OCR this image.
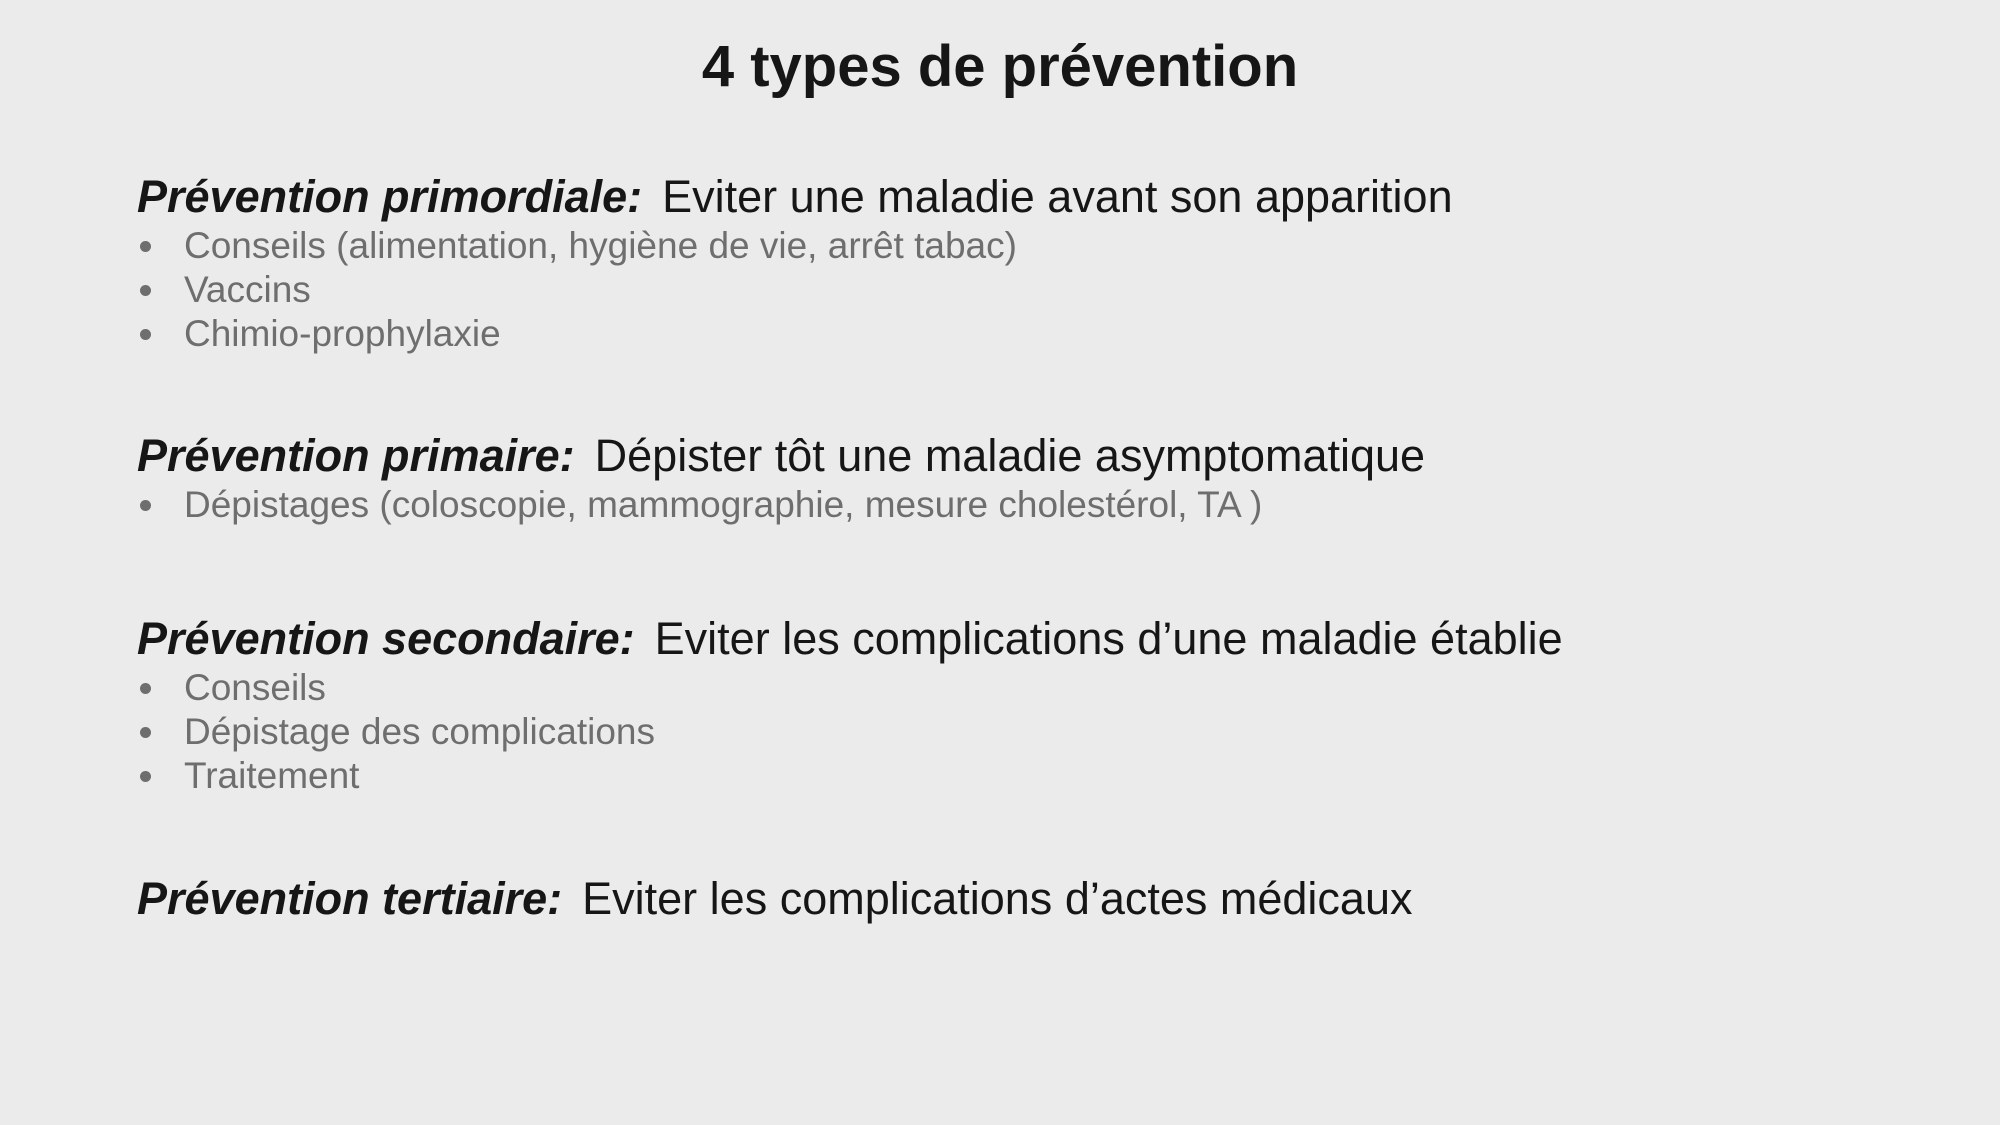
4 types de prévention
Prévention primordiale: Eviter une maladie avant son apparition
Conseils (alimentation, hygiène de vie, arrêt tabac)
Vaccins
Chimio-prophylaxie
Prévention primaire: Dépister tôt une maladie asymptomatique
Dépistages (coloscopie, mammographie, mesure cholestérol, TA )
Prévention secondaire: Eviter les complications d’une maladie établie
Conseils
Dépistage des complications
Traitement
Prévention tertiaire: Eviter les complications d’actes médicaux
